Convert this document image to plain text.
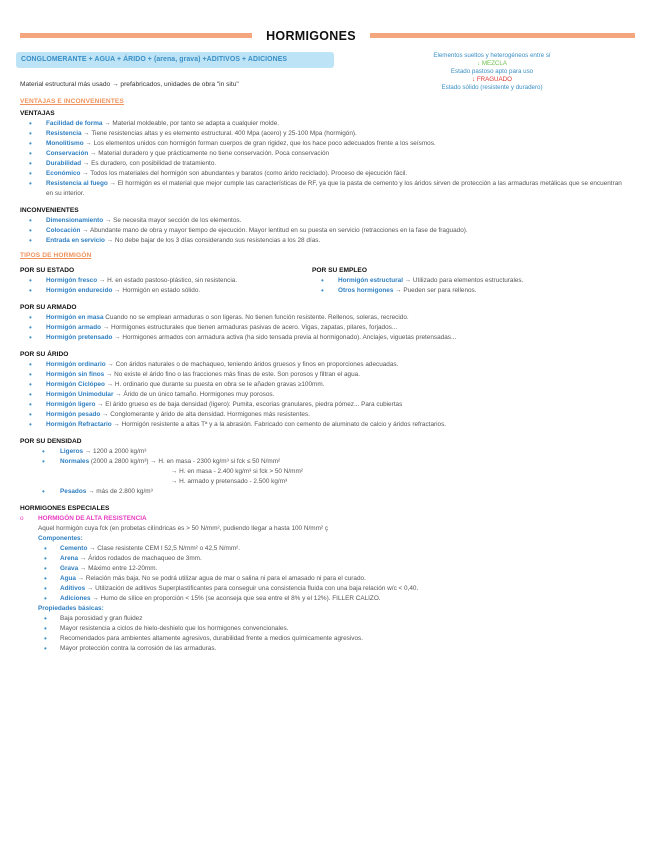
HORMIGONES
CONGLOMERANTE + AGUA + ÁRIDO + (arena, grava) +ADITIVOS + ADICIONES
Elementos sueltos y heterogéneos entre sí
↓ MEZCLA
Estado pastoso apto para uso
↓ FRAGUADO
Estado sólido (resistente y duradero)
Material estructural más usado → prefabricados, unidades de obra "in situ"
VENTAJAS E INCONVENIENTES
VENTAJAS
• Facilidad de forma → Material moldeable, por tanto se adapta a cualquier molde.
• Resistencia → Tiene resistencias altas y es elemento estructural. 400 Mpa (acero) y 25-100 Mpa (hormigón).
• Monolitismo → Los elementos unidos con hormigón forman cuerpos de gran rigidez, que los hace poco adecuados frente a los seísmos.
• Conservación → Material duradero y que prácticamente no tiene conservación. Poca conservación
• Durabilidad → Es duradero, con posibilidad de tratamiento.
• Económico → Todos los materiales del hormigón son abundantes y baratos (como árido reciclado). Proceso de ejecución fácil.
• Resistencia al fuego → El hormigón es el material que mejor cumple las características de RF, ya que la pasta de cemento y los áridos sirven de protección a las armaduras metálicas que se encuentran en su interior.
INCONVENIENTES
• Dimensionamiento → Se necesita mayor sección de los elementos.
• Colocación → Abundante mano de obra y mayor tiempo de ejecución. Mayor lentitud en su puesta en servicio (retracciones en la fase de fraguado).
• Entrada en servicio → No debe bajar de los 3 días considerando sus resistencias a los 28 días.
TIPOS DE HORMIGÓN
POR SU ESTADO
• Hormigón fresco → H. en estado pastoso-plástico, sin resistencia.
• Hormigón endurecido → Hormigón en estado sólido.
POR SU EMPLEO
• Hormigón estructural → Utilizado para elementos estructurales.
• Otros hormigones → Pueden ser para rellenos.
POR SU ARMADO
• Hormigón en masa Cuando no se emplean armaduras o son ligeras. No tienen función resistente. Rellenos, soleras, recrecido.
• Hormigón armado → Hormigones estructurales que tienen armaduras pasivas de acero. Vigas, zapatas, pilares, forjados...
• Hormigón pretensado → Hormigones armados con armadura activa (ha sido tensada previa al hormigonado). Anclajes, viguetas pretensadas...
POR SU ÁRIDO
• Hormigón ordinario → Con áridos naturales o de machaqueo, teniendo áridos gruesos y finos en proporciones adecuadas.
• Hormigón sin finos → No existe el árido fino o las fracciones más finas de este. Son porosos y filtran el agua.
• Hormigón Ciclópeo → H. ordinario que durante su puesta en obra se le añaden gravas ≥100mm.
• Hormigón Unimodular → Árido de un único tamaño. Hormigones muy porosos.
• Hormigón ligero → El árido grueso es de baja densidad (ligero): Pumita, escorias granulares, piedra pómez... Para cubiertas
• Hormigón pesado → Conglomerante y árido de alta densidad. Hormigones más resistentes.
• Hormigón Refractario → Hormigón resistente a altas Tª y a la abrasión. Fabricado con cemento de aluminato de calcio y áridos refractarios.
POR SU DENSIDAD
• Ligeros → 1200 a 2000 kg/m³
• Normales (2000 a 2800 kg/m³) → H. en masa - 2300 kg/m³ si fck ≤ 50 N/mm²
→ H. en masa - 2.400 kg/m³ si fck > 50 N/mm²
→ H. armado y pretensado - 2.500 kg/m³
• Pesados → más de 2.800 kg/m³
HORMIGONES ESPECIALES
o HORMIGÓN DE ALTA RESISTENCIA
Aquel hormigón cuya fck (en probetas cilíndricas es > 50 N/mm², pudiendo llegar a hasta 100 N/mm² ç
Componentes:
• Cemento → Clase resistente CEM I 52,5 N/mm² o 42,5 N/mm².
• Arena → Áridos rodados de machaqueo de 3mm.
• Grava → Máximo entre 12-20mm.
• Agua → Relación más baja. No se podrá utilizar agua de mar o salina ni para el amasado ni para el curado.
• Aditivos → Utilización de aditivos Superplastificantes para conseguir una consistencia fluida con una baja relación w/c < 0,40.
• Adiciones → Humo de sílice en proporción < 15% (se aconseja que sea entre el 8% y el 12%). FILLER CALIZO.
Propiedades básicas:
• Baja porosidad y gran fluidez
• Mayor resistencia a ciclos de hielo-deshielo que los hormigones convencionales.
• Recomendados para ambientes altamente agresivos, durabilidad frente a medios químicamente agresivos.
• Mayor protección contra la corrosión de las armaduras.
